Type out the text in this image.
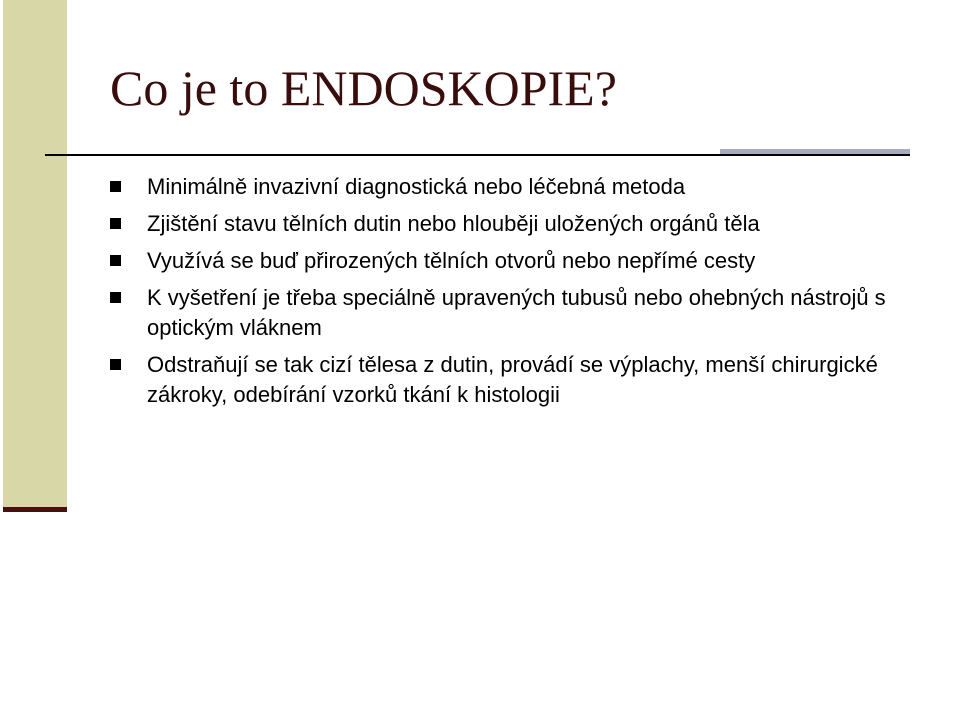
Co je to ENDOSKOPIE?
Minimálně invazivní diagnostická nebo léčebná metoda
Zjištění stavu tělních dutin nebo hlouběji uložených orgánů těla
Využívá se buď přirozených tělních otvorů nebo nepřímé cesty
K vyšetření je třeba speciálně upravených tubusů nebo ohebných nástrojů s optickým vláknem
Odstraňují se tak cizí tělesa z dutin, provádí se výplachy, menší chirurgické zákroky, odebírání vzorků tkání k histologii
